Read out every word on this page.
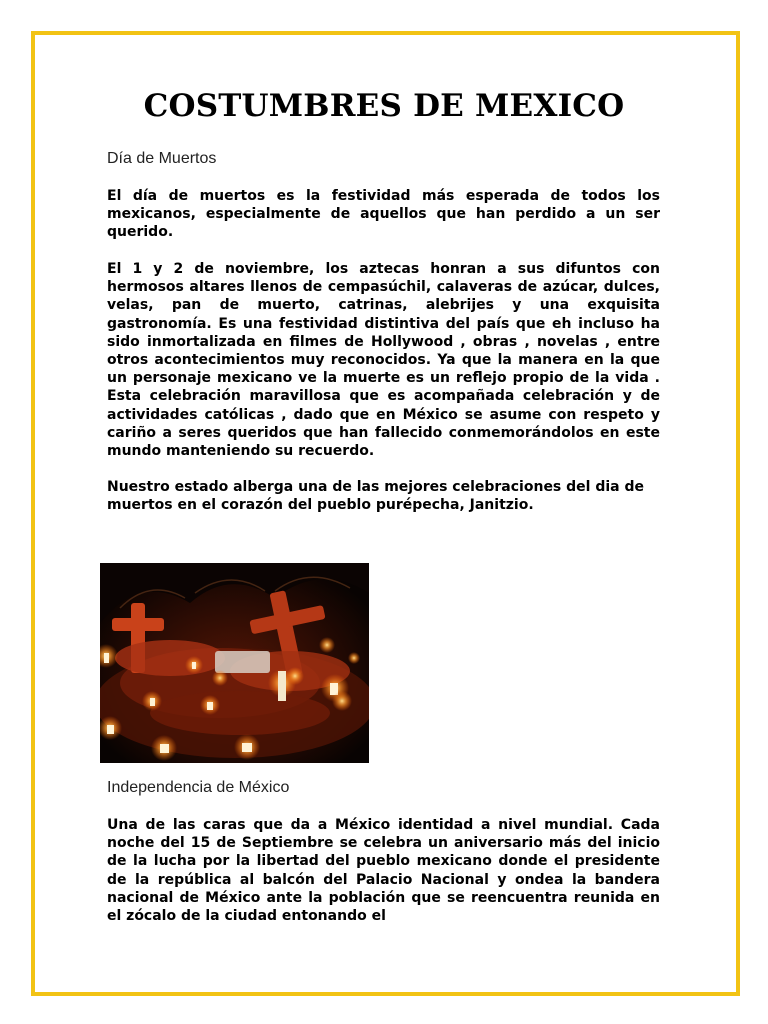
COSTUMBRES DE MEXICO
Día de Muertos

El día de muertos es la festividad más esperada de todos los mexicanos, especialmente de aquellos que han perdido a un ser querido.

El 1 y 2 de noviembre, los aztecas honran a sus difuntos con hermosos altares llenos de cempasúchil, calaveras de azúcar, dulces, velas, pan de muerto, catrinas, alebrijes y una exquisita gastronomía. Es una festividad distintiva del país que eh incluso ha sido inmortalizada en filmes de Hollywood , obras , novelas , entre otros acontecimientos muy reconocidos. Ya que la manera en la que un personaje mexicano ve la muerte es un reflejo propio de la vida . Esta celebración maravillosa que es acompañada celebración y de actividades católicas , dado que en México se asume con respeto y cariño a seres queridos que han fallecido conmemorándolos en este mundo manteniendo su recuerdo.

Nuestro estado alberga una de las mejores celebraciones del dia de muertos en el corazón del pueblo purépecha, Janitzio.

Independencia de México

Una de las caras que da a México identidad a nivel mundial. Cada noche del 15 de Septiembre se celebra un aniversario más del inicio de la lucha por la libertad del pueblo mexicano donde el presidente de la república al balcón del Palacio Nacional y ondea la bandera nacional de México ante la población que se reencuentra reunida en el zócalo de la ciudad entonando el
